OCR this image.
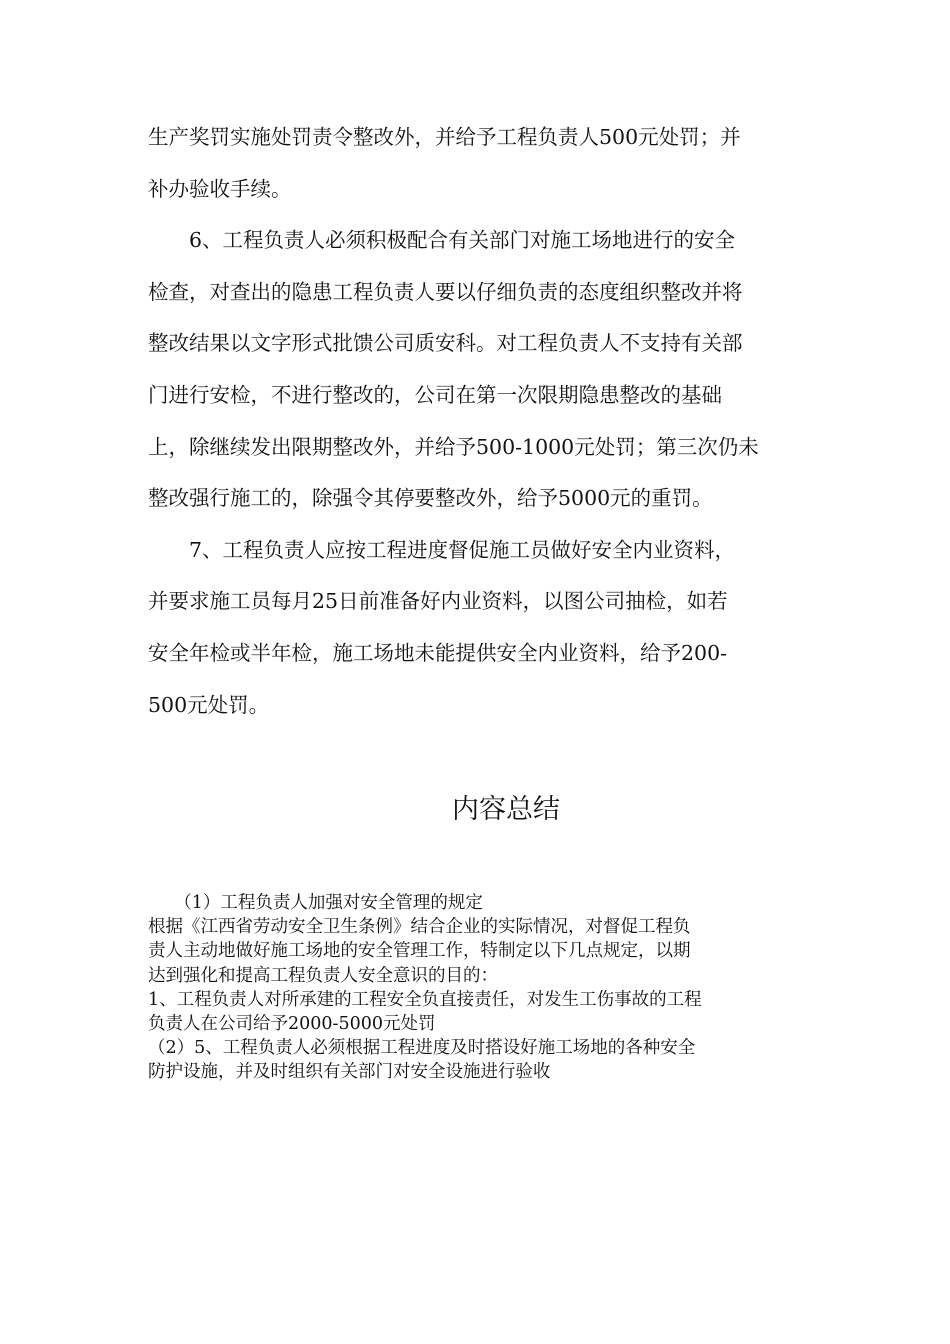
生产奖罚实施处罚责令整改外，并给予工程负责人500元处罚；并
补办验收手续。
　　6、工程负责人必须积极配合有关部门对施工场地进行的安全
检查，对查出的隐患工程负责人要以仔细负责的态度组织整改并将
整改结果以文字形式批馈公司质安科。对工程负责人不支持有关部
门进行安检，不进行整改的，公司在第一次限期隐患整改的基础
上，除继续发出限期整改外，并给予500-1000元处罚；第三次仍未
整改强行施工的，除强令其停要整改外，给予5000元的重罚。
　　7、工程负责人应按工程进度督促施工员做好安全内业资料，
并要求施工员每月25日前准备好内业资料，以图公司抽检，如若
安全年检或半年检，施工场地未能提供安全内业资料，给予200-
500元处罚。
内容总结
　　（1）工程负责人加强对安全管理的规定
根据《江西省劳动安全卫生条例》结合企业的实际情况，对督促工程负
责人主动地做好施工场地的安全管理工作，特制定以下几点规定，以期
达到强化和提高工程负责人安全意识的目的：
1、工程负责人对所承建的工程安全负直接责任，对发生工伤事故的工程
负责人在公司给予2000-5000元处罚
（2）5、工程负责人必须根据工程进度及时搭设好施工场地的各种安全
防护设施，并及时组织有关部门对安全设施进行验收
